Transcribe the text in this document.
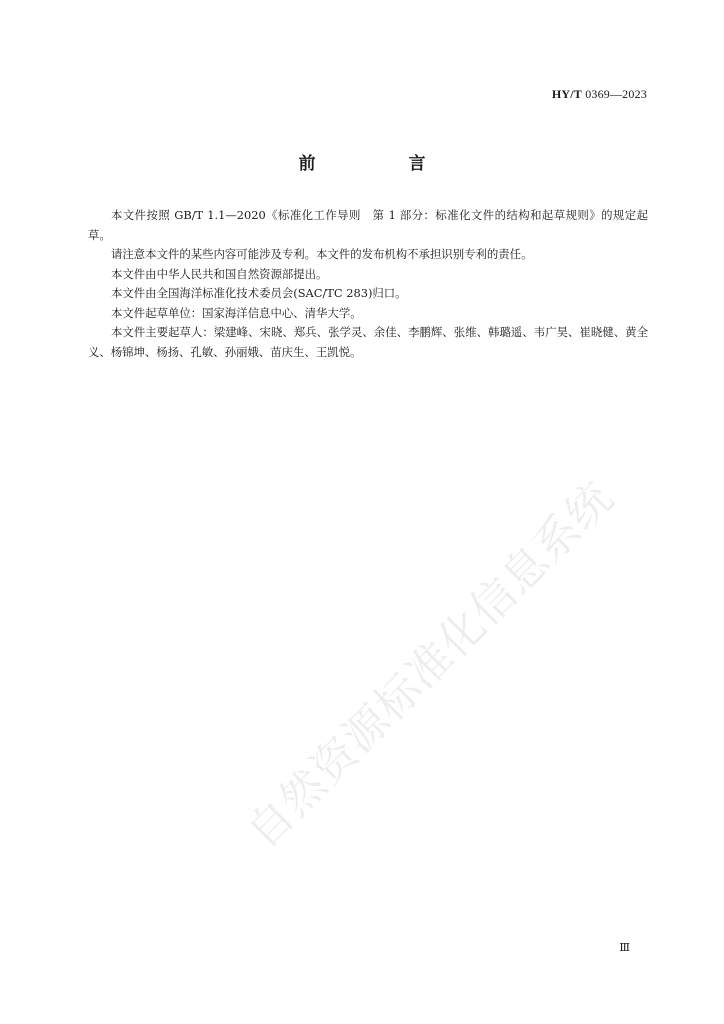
HY/T 0369—2023
前　言

本文件按照 GB/T 1.1—2020《标准化工作导则　第 1 部分：标准化文件的结构和起草规则》的规定起草。

请注意本文件的某些内容可能涉及专利。本文件的发布机构不承担识别专利的责任。

本文件由中华人民共和国自然资源部提出。

本文件由全国海洋标准化技术委员会(SAC/TC 283)归口。

本文件起草单位：国家海洋信息中心、清华大学。

本文件主要起草人：梁建峰、宋晓、郑兵、张学灵、余佳、李鹏辉、张维、韩璐遥、韦广昊、崔晓健、黄全义、杨锦坤、杨扬、孔敏、孙丽娥、苗庆生、王凯悦。

自然资源标准化信息系统
Ⅲ
